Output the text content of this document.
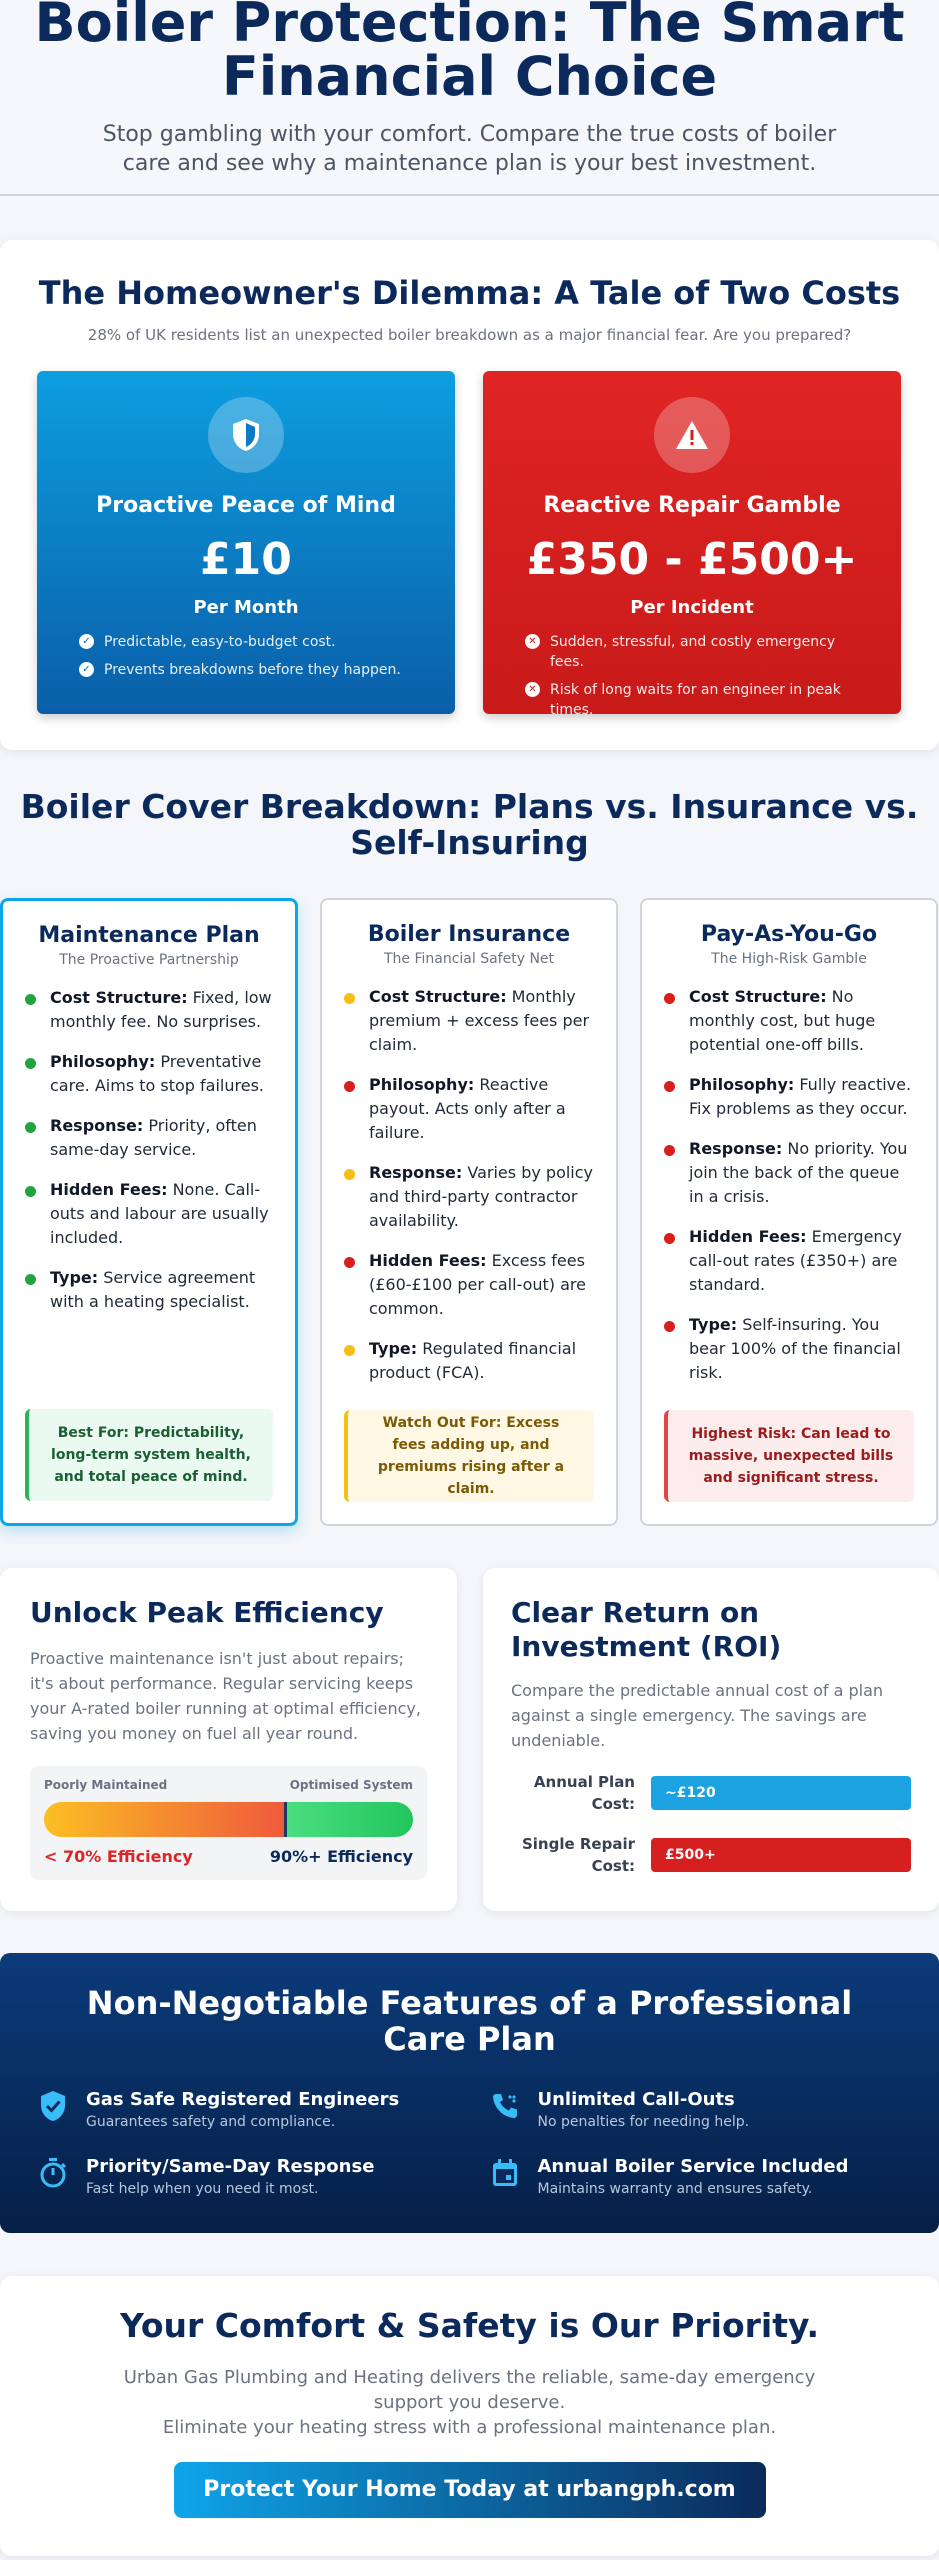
Boiler Protection: The Smart Financial Choice

Stop gambling with your comfort. Compare the true costs of boiler care and see why a maintenance plan is your best investment.

The Homeowner's Dilemma: A Tale of Two Costs

28% of UK residents list an unexpected boiler breakdown as a major financial fear. Are you prepared?

Proactive Peace of Mind
£10
Per Month
✓ Predictable, easy-to-budget cost.
✓ Prevents breakdowns before they happen.
Reactive Repair Gamble
£350 - £500+
Per Incident
✕ Sudden, stressful, and costly emergency fees.
✕ Risk of long waits for an engineer in peak times.
Boiler Cover Breakdown: Plans vs. Insurance vs. Self-Insuring
Maintenance Plan
The Proactive Partnership
Cost Structure: Fixed, low monthly fee. No surprises.
Philosophy: Preventative care. Aims to stop failures.
Response: Priority, often same-day service.
Hidden Fees: None. Call-outs and labour are usually included.
Type: Service agreement with a heating specialist.
Best For: Predictability, long-term system health, and total peace of mind.
Boiler Insurance
The Financial Safety Net
Cost Structure: Monthly premium + excess fees per claim.
Philosophy: Reactive payout. Acts only after a failure.
Response: Varies by policy and third-party contractor availability.
Hidden Fees: Excess fees (£60-£100 per call-out) are common.
Type: Regulated financial product (FCA).
Watch Out For: Excess fees adding up, and premiums rising after a claim.
Pay-As-You-Go
The High-Risk Gamble
Cost Structure: No monthly cost, but huge potential one-off bills.
Philosophy: Fully reactive. Fix problems as they occur.
Response: No priority. You join the back of the queue in a crisis.
Hidden Fees: Emergency call-out rates (£350+) are standard.
Type: Self-insuring. You bear 100% of the financial risk.
Highest Risk: Can lead to massive, unexpected bills and significant stress.
Unlock Peak Efficiency

Proactive maintenance isn't just about repairs; it's about performance. Regular servicing keeps your A-rated boiler running at optimal efficiency, saving you money on fuel all year round.

Poorly Maintained	Optimised System
< 70% Efficiency	90%+ Efficiency
Clear Return on Investment (ROI)

Compare the predictable annual cost of a plan against a single emergency. The savings are undeniable.

Annual Plan Cost:
~£120
Single Repair Cost:
£500+
Non-Negotiable Features of a Professional Care Plan
Gas Safe Registered Engineers
Guarantees safety and compliance.
Unlimited Call-Outs
No penalties for needing help.
Priority/Same-Day Response
Fast help when you need it most.
Annual Boiler Service Included
Maintains warranty and ensures safety.
Your Comfort & Safety is Our Priority.

Urban Gas Plumbing and Heating delivers the reliable, same-day emergency support you deserve.
Eliminate your heating stress with a professional maintenance plan.

Protect Your Home Today at urbangph.com
